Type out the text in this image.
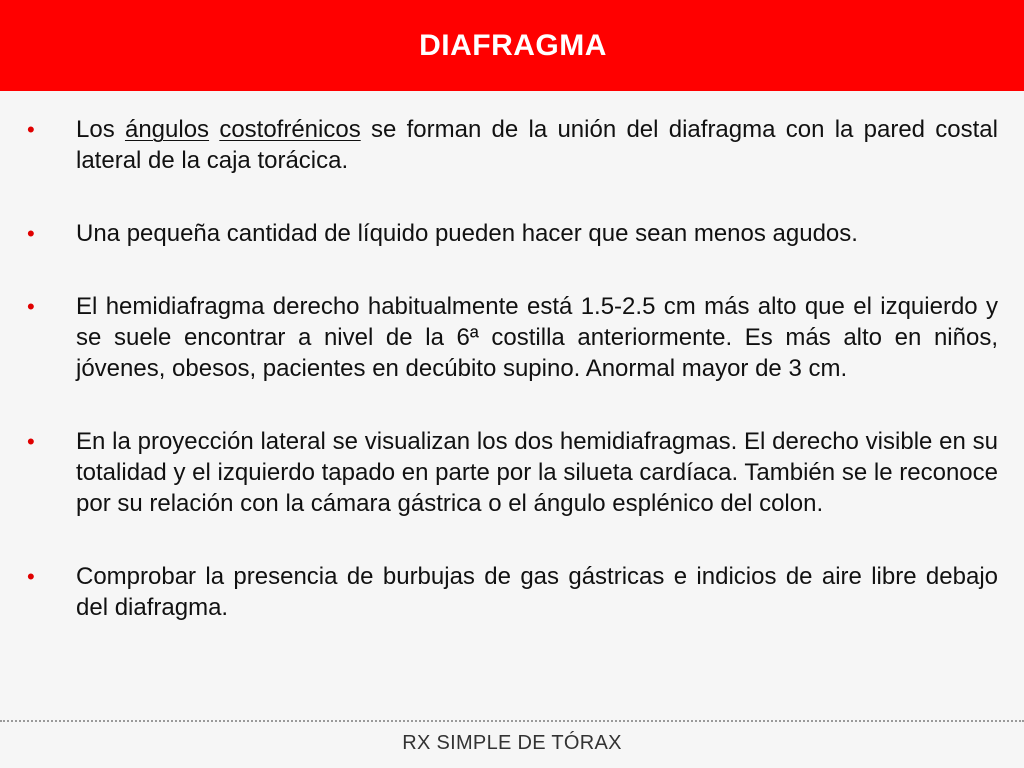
DIAFRAGMA
• Los ángulos costofrénicos se forman de la unión del diafragma con la pared costal lateral de la caja torácica.
• Una pequeña cantidad de líquido pueden hacer que sean menos agudos.
• El hemidiafragma derecho habitualmente está 1.5-2.5 cm más alto que el izquierdo y se suele encontrar a nivel de la 6ª costilla anteriormente. Es más alto en niños, jóvenes, obesos, pacientes en decúbito supino. Anormal mayor de 3 cm.
• En la proyección lateral se visualizan los dos hemidiafragmas. El derecho visible en su totalidad y el izquierdo tapado en parte por la silueta cardíaca. También se le reconoce por su relación con la cámara gástrica o el ángulo esplénico del colon.
• Comprobar la presencia de burbujas de gas gástricas e indicios de aire libre debajo del diafragma.
RX SIMPLE DE TÓRAX
